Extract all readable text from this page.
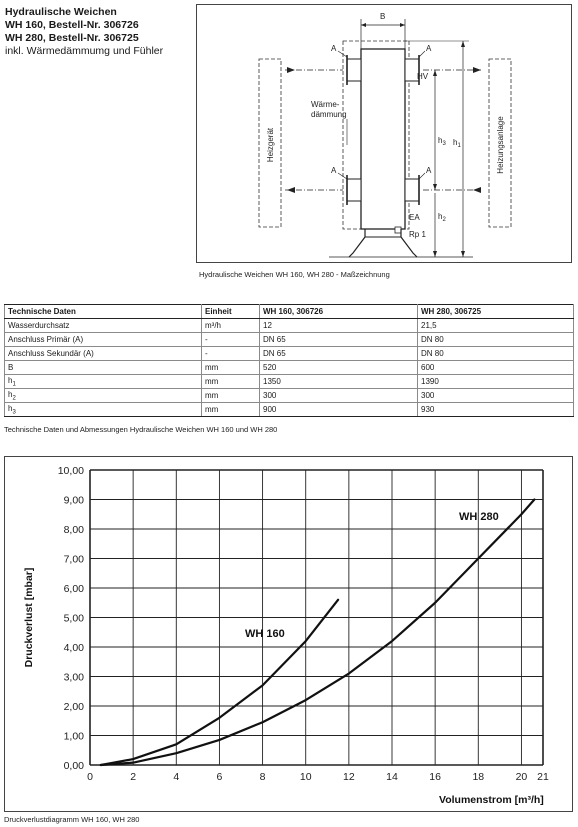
Hydraulische Weichen
WH 160, Bestell-Nr. 306726
WH 280, Bestell-Nr. 306725
inkl. Wärmedämmumg und Fühler
B
Heizgerät	Heizungsanlage
A	A
A	A
HV
Wärme-
dämmung
EA
Rp 1
$h_3$ $h_1$
$h_2$
Hydraulische Weichen WH 160, WH 280 - Maßzeichnung
Technische Daten	Einheit	WH 160, 306726	WH 280, 306725
Wasserdurchsatz	m³/h	12	21,5
Anschluss Primär (A)	-	DN 65	DN 80
Anschluss Sekundär (A)	-	DN 65	DN 80
B	mm	520	600
$h_1$	mm	1350	1390
$h_2$	mm	300	300
$h_3$	mm	900	930
Technische Daten und Abmessungen Hydraulische Weichen WH 160 und WH 280
0	2	4	6	8	10	12	14	16	18	20 21
0,00
1,00
2,00
3,00
4,00
5,00
6,00
7,00
8,00
9,00
10,00
WH 160
WH 280
Volumenstrom [m³/h]
Druckverlust [mbar]
Druckverlustdiagramm WH 160, WH 280
